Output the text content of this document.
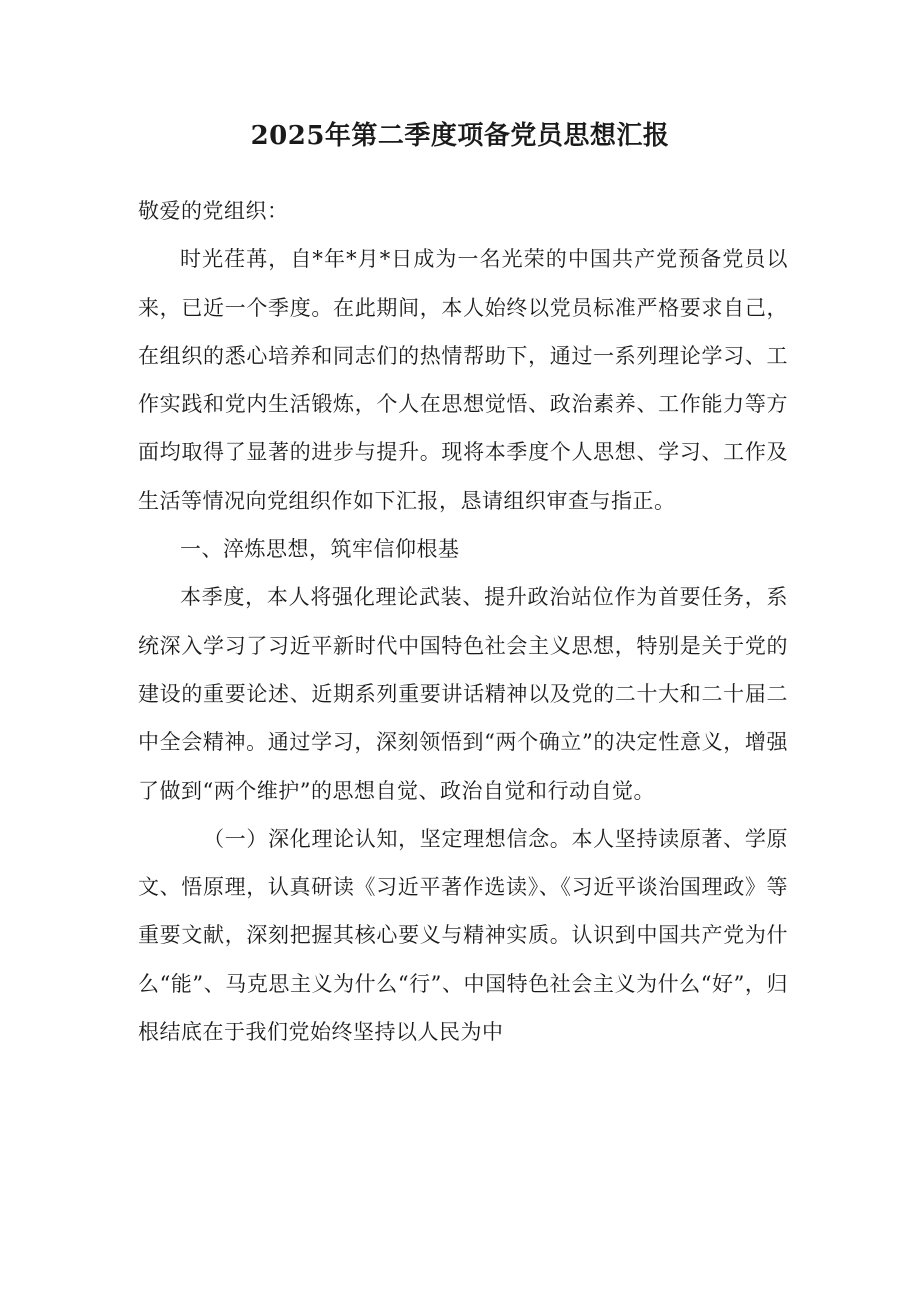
2025年第二季度项备党员思想汇报

敬爱的党组织：

时光荏苒，自*年*月*日成为一名光荣的中国共产党预备党员以来，已近一个季度。在此期间，本人始终以党员标准严格要求自己，在组织的悉心培养和同志们的热情帮助下，通过一系列理论学习、工作实践和党内生活锻炼，个人在思想觉悟、政治素养、工作能力等方面均取得了显著的进步与提升。现将本季度个人思想、学习、工作及生活等情况向党组织作如下汇报，恳请组织审查与指正。

一、淬炼思想，筑牢信仰根基

本季度，本人将强化理论武装、提升政治站位作为首要任务，系统深入学习了习近平新时代中国特色社会主义思想，特别是关于党的建设的重要论述、近期系列重要讲话精神以及党的二十大和二十届二中全会精神。通过学习，深刻领悟到“两个确立”的决定性意义，增强了做到“两个维护”的思想自觉、政治自觉和行动自觉。

（一）深化理论认知，坚定理想信念。本人坚持读原著、学原文、悟原理，认真研读《习近平著作选读》、《习近平谈治国理政》等重要文献，深刻把握其核心要义与精神实质。认识到中国共产党为什么“能”、马克思主义为什么“行”、中国特色社会主义为什么“好”，归根结底在于我们党始终坚持以人民为中
